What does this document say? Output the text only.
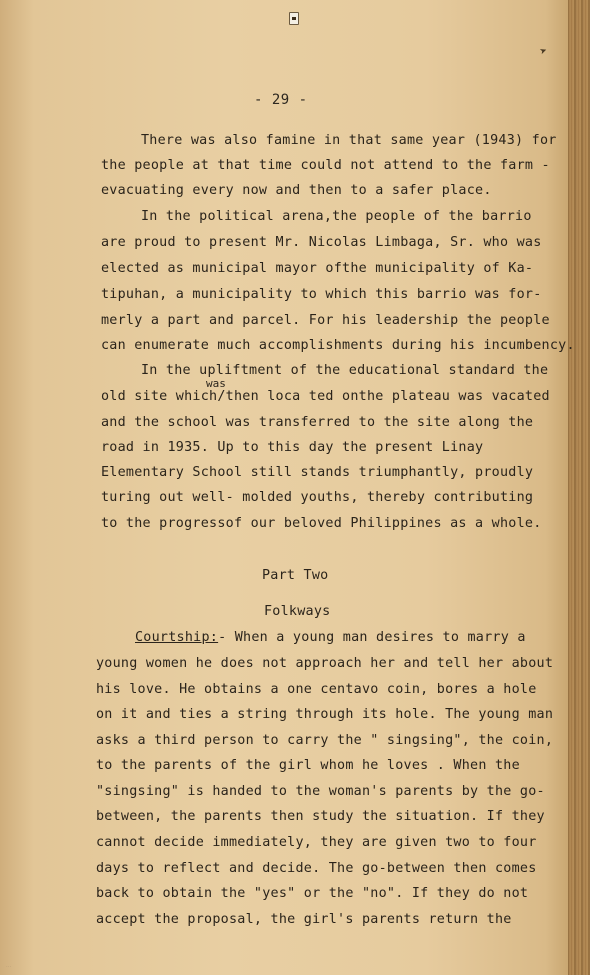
➤
- 29 -
There was also famine in that same year (1943) for
the people at that time could not attend to the farm -
evacuating every now and then to a safer place.
In the political arena,the people of the barrio
are proud to present Mr. Nicolas Limbaga, Sr. who was
elected as municipal mayor ofthe municipality of Ka-
tipuhan, a municipality to which this barrio was for-
merly a part and parcel. For his leadership the people
can enumerate much accomplishments during his incumbency.
In the upliftment of the educational standard the
was
old site which/then loca ted onthe plateau was vacated
and the school was transferred to the site along the
road in 1935. Up to this day the present Linay
Elementary School still stands triumphantly, proudly
turing out well- molded youths, thereby contributing
to the progressof our beloved Philippines as a whole.
Part Two
Folkways
Courtship:- When a young man desires to marry a
young women he does not approach her and tell her about
his love. He obtains a one centavo coin, bores a hole
on it and ties a string through its hole. The young man
asks a third person to carry the " singsing", the coin,
to the parents of the girl whom he loves . When the
"singsing" is handed to the woman's parents by the go-
between, the parents then study the situation. If they
cannot decide immediately, they are given two to four
days to reflect and decide. The go-between then comes
back to obtain the "yes" or the "no". If they do not
accept the proposal, the girl's parents return the
...
